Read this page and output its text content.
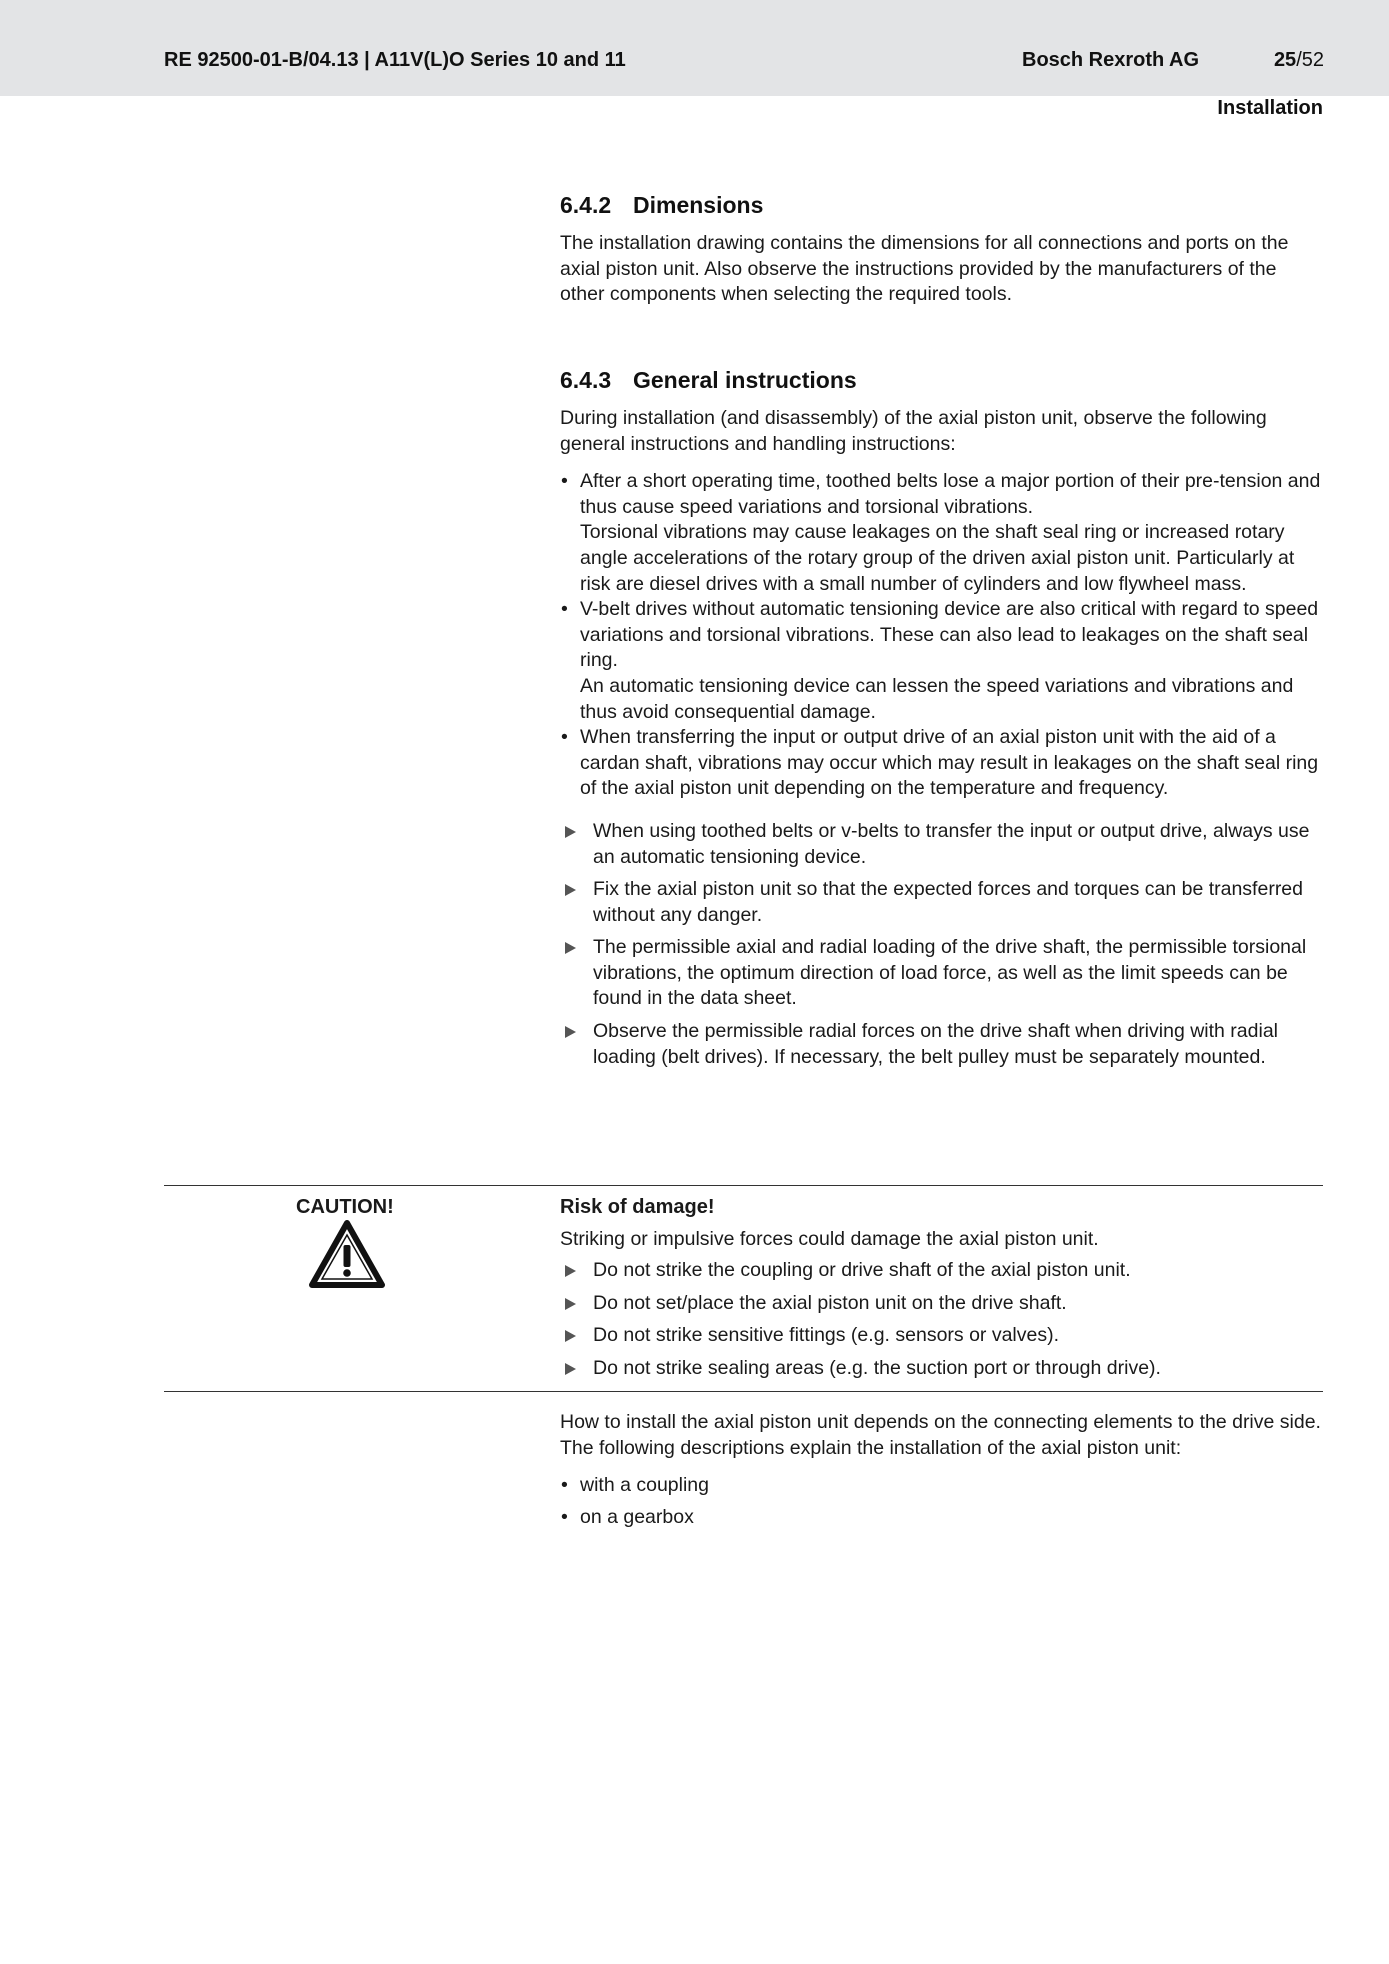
RE 92500-01-B/04.13 | A11V(L)O Series 10 and 11	Bosch Rexroth AG	25/52
Installation
6.4.2 Dimensions

The installation drawing contains the dimensions for all connections and ports on the axial piston unit. Also observe the instructions provided by the manufacturers of the other components when selecting the required tools.

6.4.3 General instructions

During installation (and disassembly) of the axial piston unit, observe the following general instructions and handling instructions:

• After a short operating time, toothed belts lose a major portion of their pre-tension and thus cause speed variations and torsional vibrations.
Torsional vibrations may cause leakages on the shaft seal ring or increased rotary angle accelerations of the rotary group of the driven axial piston unit. Particularly at risk are diesel drives with a small number of cylinders and low flywheel mass.
• V-belt drives without automatic tensioning device are also critical with regard to speed variations and torsional vibrations. These can also lead to leakages on the shaft seal ring.
An automatic tensioning device can lessen the speed variations and vibrations and thus avoid consequential damage.
• When transferring the input or output drive of an axial piston unit with the aid of a cardan shaft, vibrations may occur which may result in leakages on the shaft seal ring of the axial piston unit depending on the temperature and frequency.
When using toothed belts or v-belts to transfer the input or output drive, always use an automatic tensioning device.
Fix the axial piston unit so that the expected forces and torques can be transferred without any danger.
The permissible axial and radial loading of the drive shaft, the permissible torsional vibrations, the optimum direction of load force, as well as the limit speeds can be found in the data sheet.
Observe the permissible radial forces on the drive shaft when driving with radial loading (belt drives). If necessary, the belt pulley must be separately mounted.
CAUTION!	Risk of damage!

Striking or impulsive forces could damage the axial piston unit.

Do not strike the coupling or drive shaft of the axial piston unit.
Do not set/place the axial piston unit on the drive shaft.
Do not strike sensitive fittings (e.g. sensors or valves).
Do not strike sealing areas (e.g. the suction port or through drive).

How to install the axial piston unit depends on the connecting elements to the drive side. The following descriptions explain the installation of the axial piston unit:

• with a coupling
• on a gearbox
